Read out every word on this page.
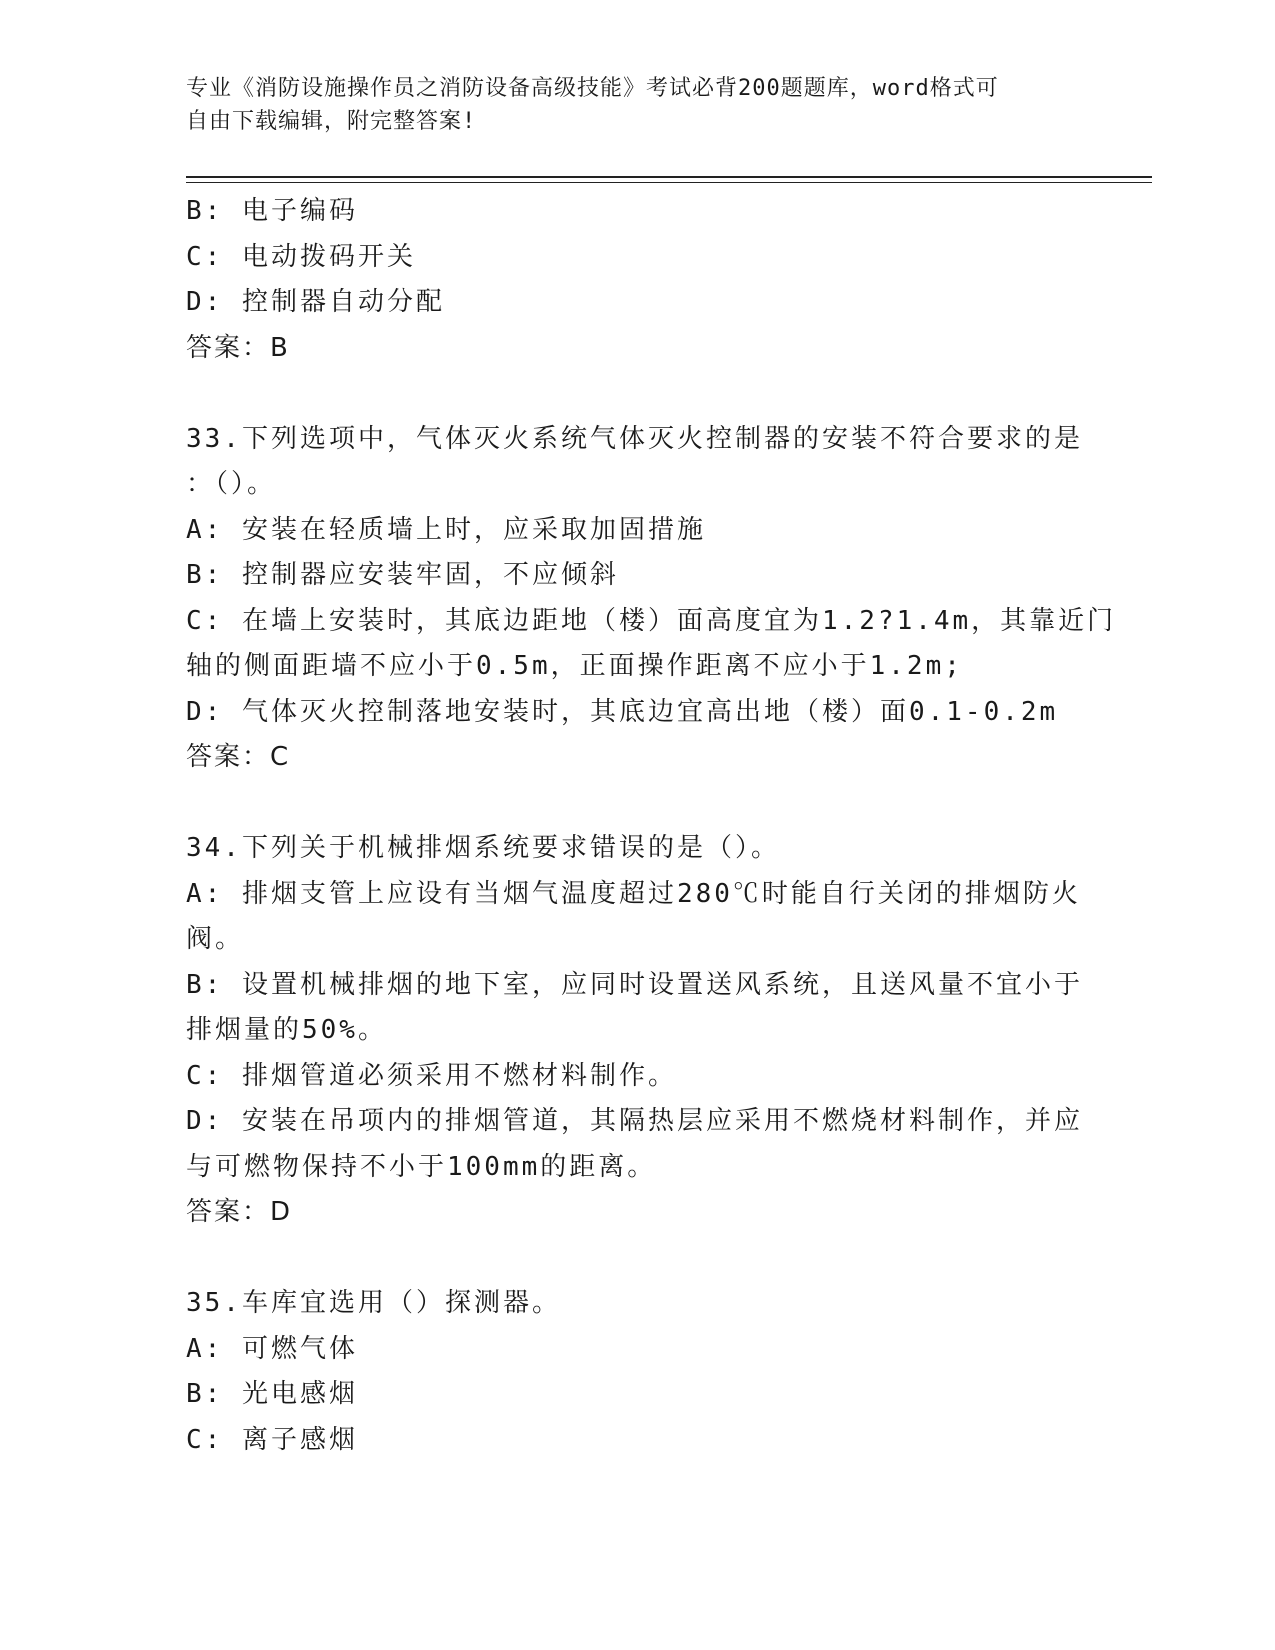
专业《消防设施操作员之消防设备高级技能》考试必背200题题库，word格式可
自由下载编辑，附完整答案!
B: 电子编码
C: 电动拨码开关
D: 控制器自动分配
答案：B
33.下列选项中，气体灭火系统气体灭火控制器的安装不符合要求的是
：（）。
A: 安装在轻质墙上时，应采取加固措施
B: 控制器应安装牢固，不应倾斜
C: 在墙上安装时，其底边距地（楼）面高度宜为1.2?1.4m，其靠近门
轴的侧面距墙不应小于0.5m，正面操作距离不应小于1.2m;
D: 气体灭火控制落地安装时，其底边宜高出地（楼）面0.1-0.2m
答案：C
34.下列关于机械排烟系统要求错误的是（）。
A: 排烟支管上应设有当烟气温度超过280℃时能自行关闭的排烟防火
阀。
B: 设置机械排烟的地下室，应同时设置送风系统，且送风量不宜小于
排烟量的50%。
C: 排烟管道必须采用不燃材料制作。
D: 安装在吊项内的排烟管道，其隔热层应采用不燃烧材料制作，并应
与可燃物保持不小于100mm的距离。
答案：D
35.车库宜选用（）探测器。
A: 可燃气体
B: 光电感烟
C: 离子感烟
